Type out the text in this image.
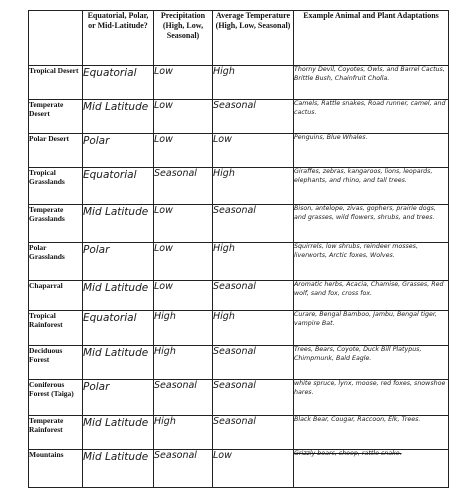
	Equatorial, Polar, or Mid-Latitude?	Precipitation (High, Low, Seasonal)	Average Temperature (High, Low, Seasonal)	Example Animal and Plant Adaptations
Tropical Desert	Equatorial	Low	High	Thorny Devil, Coyotes, Owls, and Barrel Cactus, Brittle Bush, Chainfruit Cholla.
Temperate Desert	Mid Latitude	Low	Seasonal	Camels, Rattle snakes, Road runner, camel, and cactus.
Polar Desert	Polar	Low	Low	Penguins, Blue Whales.
Tropical Grasslands	Equatorial	Seasonal	High	Giraffes, zebras, kangaroos, lions, leopards, elephants, and rhino, and tall trees.
Temperate Grasslands	Mid Latitude	Low	Seasonal	Bison, antelope, zivas, gophers, prairie dogs, and grasses, wild flowers, shrubs, and trees.
Polar Grasslands	Polar	Low	High	Squirrels, low shrubs, reindeer mosses, liverworts, Arctic foxes, Wolves.
Chaparral	Mid Latitude	Low	Seasonal	Aromatic herbs, Acacia, Chamise, Grasses, Red wolf, sand fox, cross fox.
Tropical Rainforest	Equatorial	High	High	Curare, Bengal Bamboo, Jambu, Bengal tiger, vampire Bat.
Deciduous Forest	Mid Latitude	High	Seasonal	Trees, Bears, Coyote, Duck Bill Platypus, Chimpmunk, Bald Eagle.
Coniferous Forest (Taiga)	Polar	Seasonal	Seasonal	white spruce, lynx, moose, red foxes, snowshoe hares.
Temperate Rainforest	Mid Latitude	High	Seasonal	Black Bear, Cougar, Raccoon, Elk, Trees.
Mountains	Mid Latitude	Seasonal	Low	Grizzly bears, sheep, rattle snake.
